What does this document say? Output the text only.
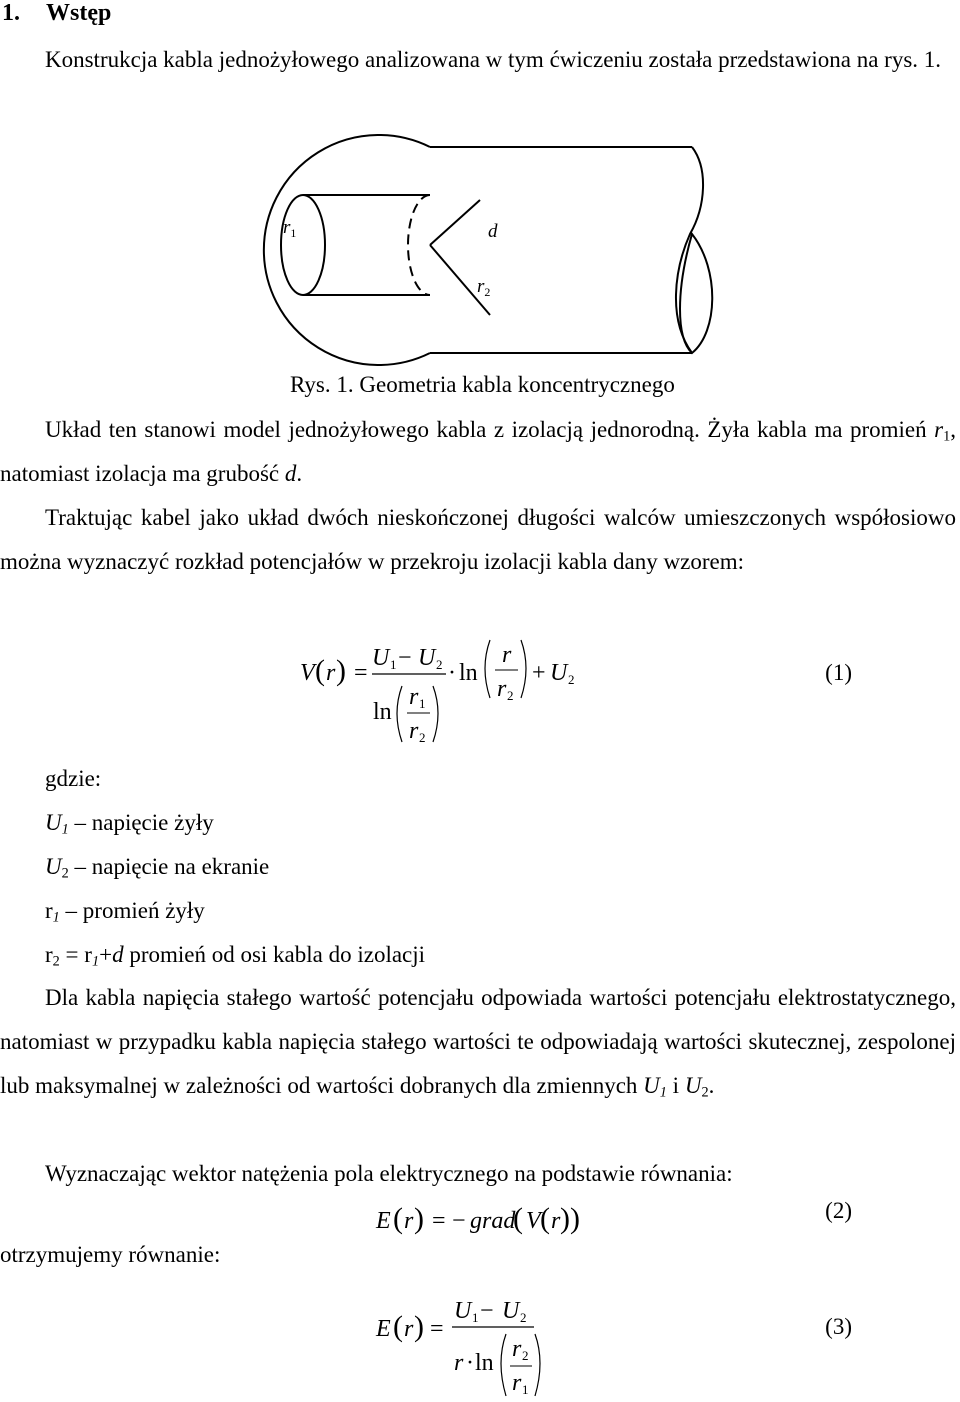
1. Wstęp

Konstrukcja kabla jednożyłowego analizowana w tym ćwiczeniu została przedstawiona na rys. 1.

$r_1$	d
$r_2$
Rys. 1. Geometria kabla koncentrycznego

Układ ten stanowi model jednożyłowego kabla z izolacją jednorodną. Żyła kabla ma promień $r_1$, natomiast izolacja ma grubość d.

Traktując kabel jako układ dwóch nieskończonej długości walców umieszczonych współosiowo można wyznaczyć rozkład potencjałów w przekroju izolacji kabla dany wzorem:

V ( r ) =
U 1 − U 2
ln
r 1
r 2
· ln
r
r 2
+ U 2	(1)
gdzie:
$U_1$ – napięcie żyły
$U_2$ – napięcie na ekranie
$r_1$ – promień żyły
$r_2 = r_1+d$ promień od osi kabla do izolacji

Dla kabla napięcia stałego wartość potencjału odpowiada wartości potencjału elektrostatycznego, natomiast w przypadku kabla napięcia stałego wartości te odpowiadają wartości skutecznej, zespolonej lub maksymalnej w zależności od wartości dobranych dla zmiennych $U_1$ i $U_2$.

Wyznaczając wektor natężenia pola elektrycznego na podstawie równania:

E ( r ) = − grad
( V ( r ))	(2)
otrzymujemy równanie:
E ( r ) =
U 1 − U 2
r · ln
r 2
r 1
(3)
